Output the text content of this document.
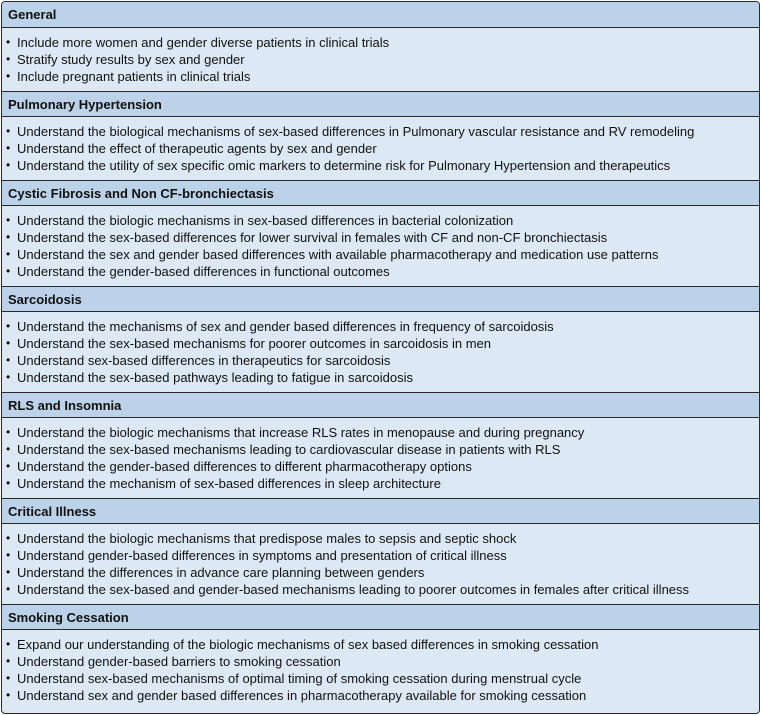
General
• Include more women and gender diverse patients in clinical trials
• Stratify study results by sex and gender
• Include pregnant patients in clinical trials
Pulmonary Hypertension
• Understand the biological mechanisms of sex-based differences in Pulmonary vascular resistance and RV remodeling
• Understand the effect of therapeutic agents by sex and gender
• Understand the utility of sex specific omic markers to determine risk for Pulmonary Hypertension and therapeutics
Cystic Fibrosis and Non CF-bronchiectasis
• Understand the biologic mechanisms in sex-based differences in bacterial colonization
• Understand the sex-based differences for lower survival in females with CF and non-CF bronchiectasis
• Understand the sex and gender based differences with available pharmacotherapy and medication use patterns
• Understand the gender-based differences in functional outcomes
Sarcoidosis
• Understand the mechanisms of sex and gender based differences in frequency of sarcoidosis
• Understand the sex-based mechanisms for poorer outcomes in sarcoidosis in men
• Understand sex-based differences in therapeutics for sarcoidosis
• Understand the sex-based pathways leading to fatigue in sarcoidosis
RLS and Insomnia
• Understand the biologic mechanisms that increase RLS rates in menopause and during pregnancy
• Understand the sex-based mechanisms leading to cardiovascular disease in patients with RLS
• Understand the gender-based differences to different pharmacotherapy options
• Understand the mechanism of sex-based differences in sleep architecture
Critical Illness
• Understand the biologic mechanisms that predispose males to sepsis and septic shock
• Understand gender-based differences in symptoms and presentation of critical illness
• Understand the differences in advance care planning between genders
• Understand the sex-based and gender-based mechanisms leading to poorer outcomes in females after critical illness
Smoking Cessation
• Expand our understanding of the biologic mechanisms of sex based differences in smoking cessation
• Understand gender-based barriers to smoking cessation
• Understand sex-based mechanisms of optimal timing of smoking cessation during menstrual cycle
• Understand sex and gender based differences in pharmacotherapy available for smoking cessation
